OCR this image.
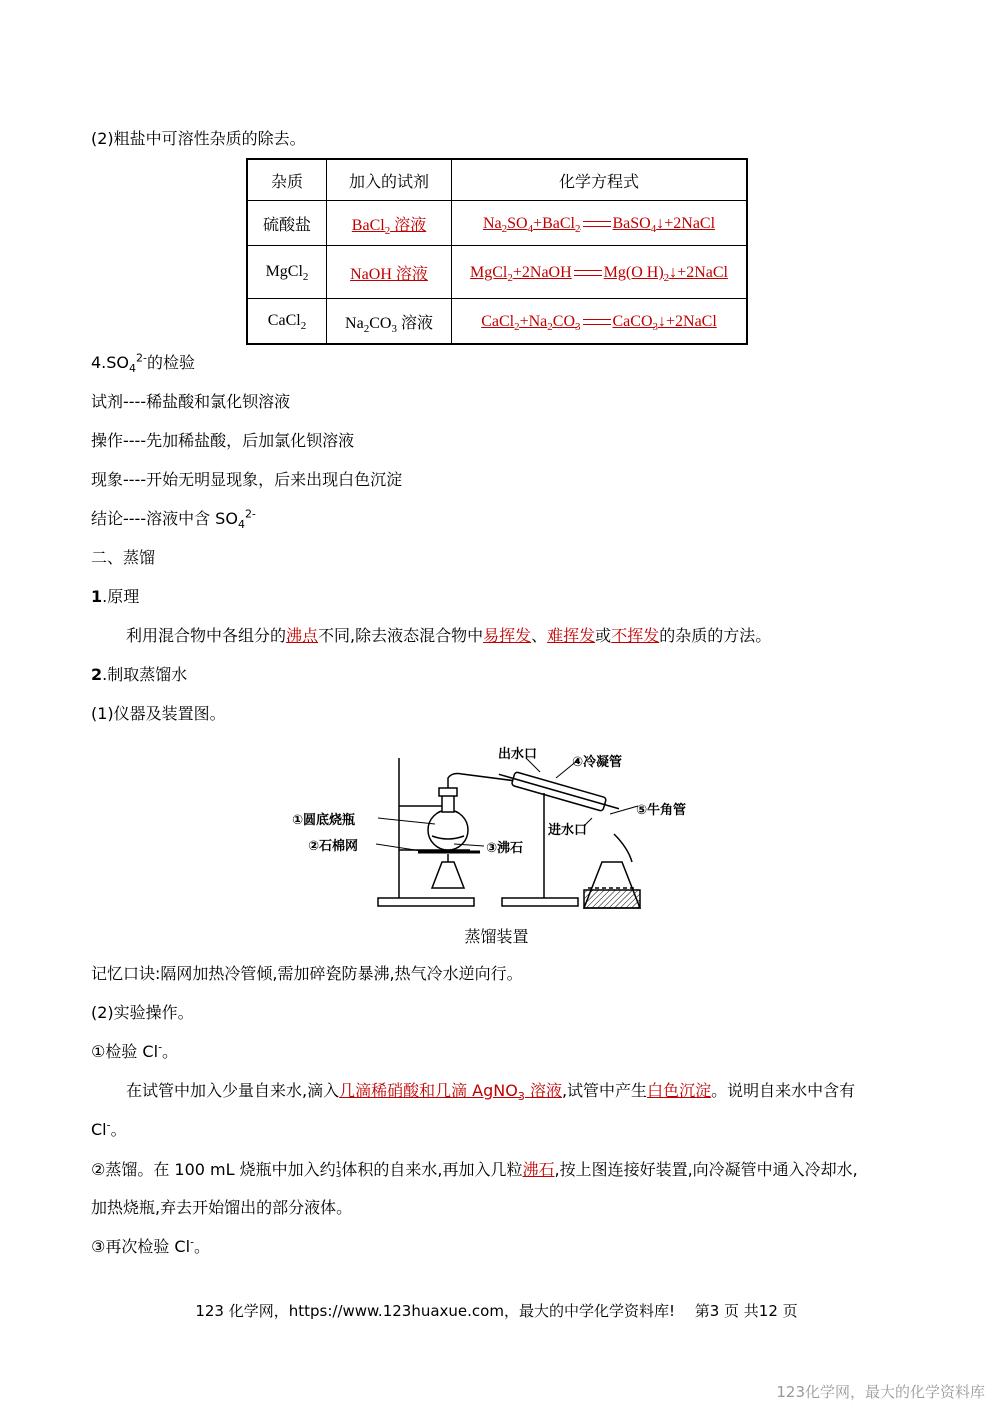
(2)粗盐中可溶性杂质的除去。
杂质	加入的试剂	化学方程式
硫酸盐	BaCl$_2$ 溶液	$Na_2SO_4+BaCl_2$ BaSO$_4$↓+2NaCl
MgCl$_2$	NaOH 溶液	MgCl$_2$+2NaOH Mg(O $H)_2↓+2NaCl$
CaCl$_2$	$Na_2CO_3$ 溶液	$CaCl_2+Na_2CO_3$ CaCO$_3$↓+2NaCl
$4.SO_4^{2-}$的检验
试剂----稀盐酸和氯化钡溶液
操作----先加稀盐酸，后加氯化钡溶液
现象----开始无明显现象，后来出现白色沉淀
结论----溶液中含 $SO_4^{2-}$
二、蒸馏
1.原理
利用混合物中各组分的沸点不同,除去液态混合物中易挥发、难挥发或不挥发的杂质的方法。
2.制取蒸馏水
(1)仪器及装置图。
出水口
④冷凝管
①圆底烧瓶
⑤牛角管
进水口
②石棉网	③沸石
蒸馏装置
记忆口诀:隔网加热冷管倾,需加碎瓷防暴沸,热气冷水逆向行。
(2)实验操作。
①检验 Cl-。
在试管中加入少量自来水,滴入几滴稀硝酸和几滴 AgNO$_3$ 溶液,试管中产生白色沉淀。说明自来水中含有
Cl-。
②蒸馏。在 100 mL 烧瓶中加入约1
3体积的自来水,再加入几粒沸石,按上图连接好装置,向冷凝管中通入冷却水,
加热烧瓶,弃去开始馏出的部分液体。
③再次检验 Cl-。
123 化学网，https://www.123huaxue.com，最大的中学化学资料库!　 第3 页 共12 页
123化学网，最大的化学资料库
